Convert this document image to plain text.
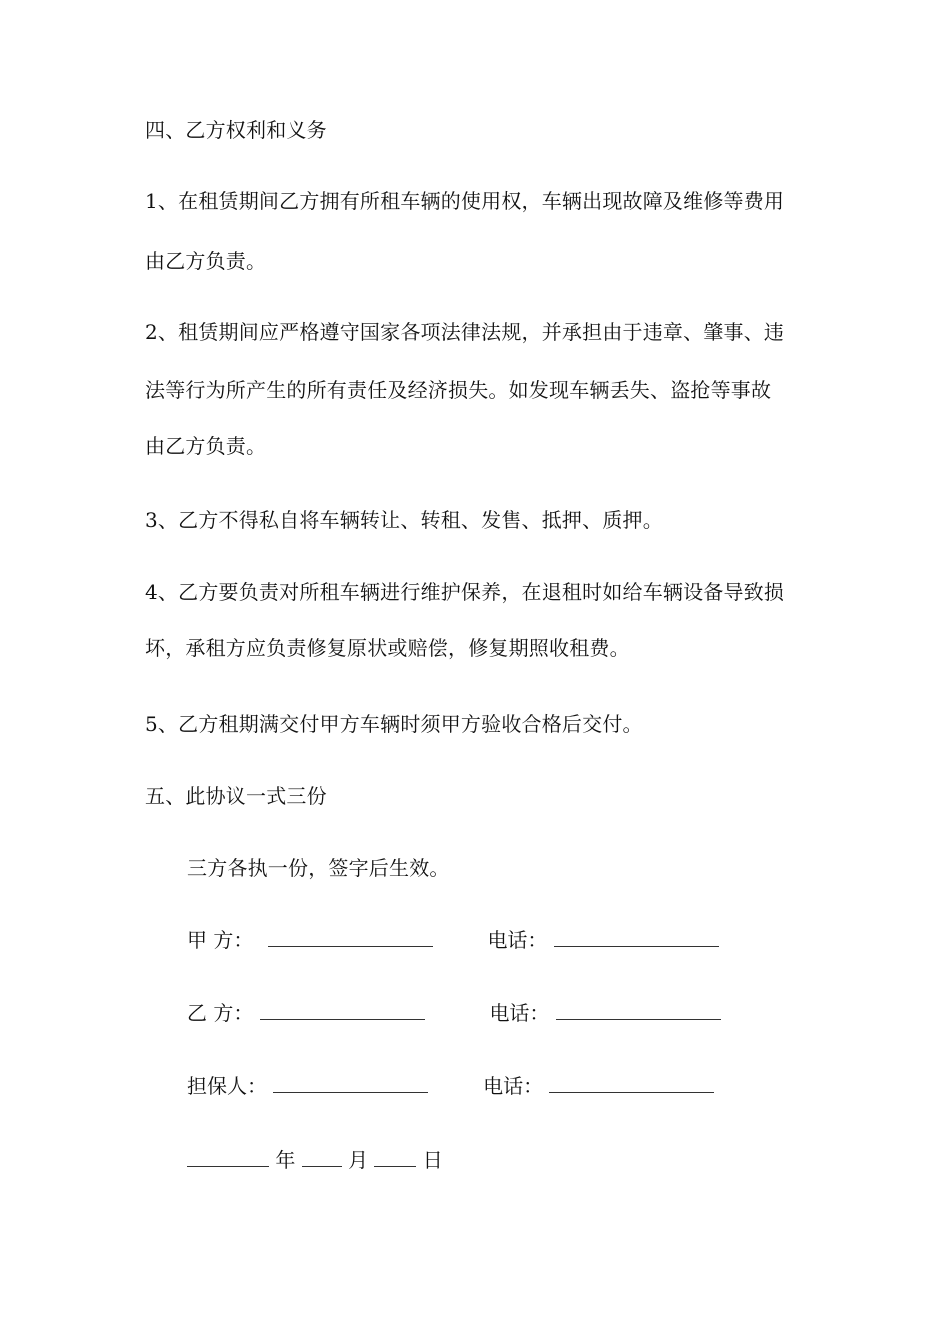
四、乙方权利和义务
1、在租赁期间乙方拥有所租车辆的使用权，车辆出现故障及维修等费用
由乙方负责。
2、租赁期间应严格遵守国家各项法律法规，并承担由于违章、肇事、违
法等行为所产生的所有责任及经济损失。如发现车辆丢失、盗抢等事故
由乙方负责。
3、乙方不得私自将车辆转让、转租、发售、抵押、质押。
4、乙方要负责对所租车辆进行维护保养，在退租时如给车辆设备导致损
坏，承租方应负责修复原状或赔偿，修复期照收租费。
5、乙方租期满交付甲方车辆时须甲方验收合格后交付。
五、此协议一式三份
三方各执一份，签字后生效。
甲 方：	电话：
乙 方：	电话：
担保人：	电话：
年	月	日
